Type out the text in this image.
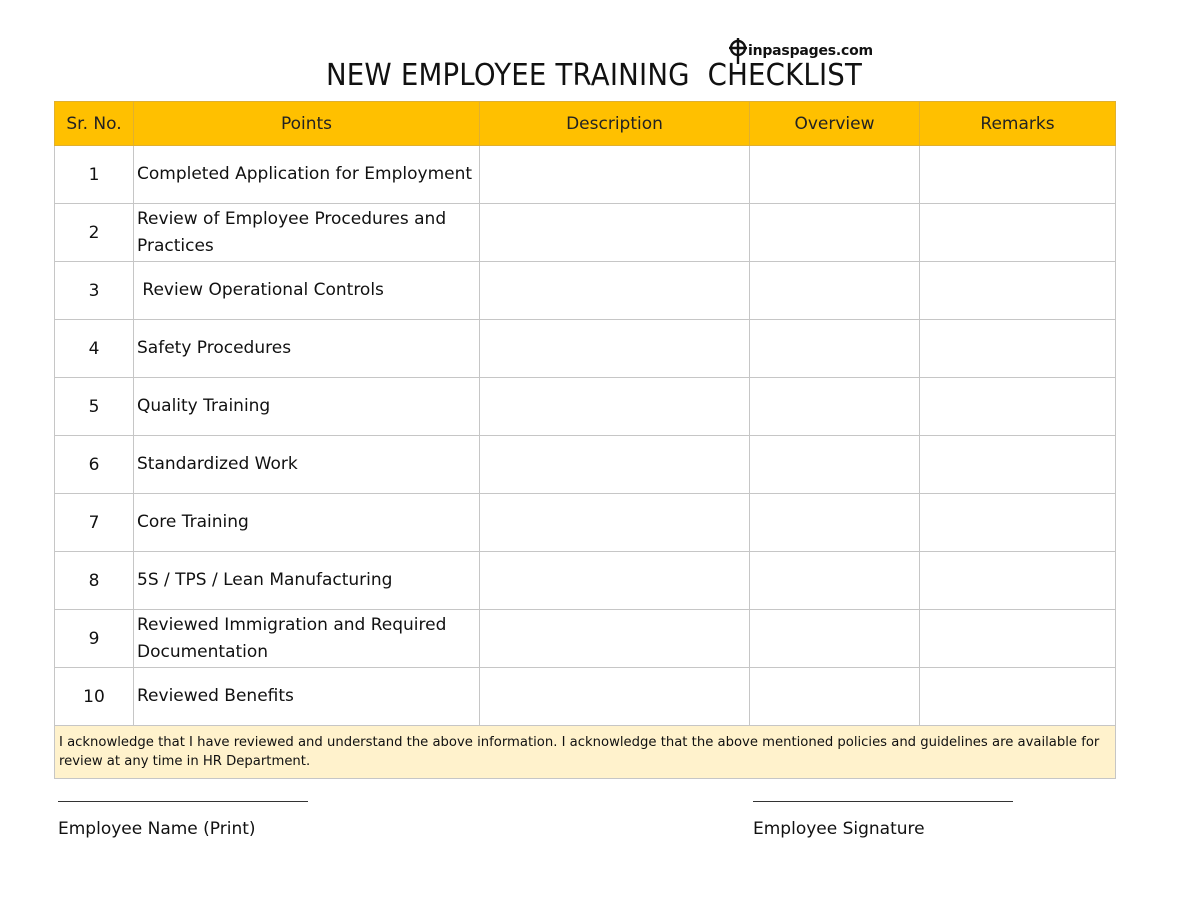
inpaspages.com
NEW EMPLOYEE TRAINING  CHECKLIST
Sr. No.	Points	Description	Overview	Remarks
1	Completed Application for Employment			
2	Review of Employee Procedures and Practices			
3	Review Operational Controls			
4	Safety Procedures			
5	Quality Training			
6	Standardized Work			
7	Core Training			
8	5S / TPS / Lean Manufacturing			
9	Reviewed Immigration and Required Documentation			
10	Reviewed Benefits			
I acknowledge that I have reviewed and understand the above information. I acknowledge that the above mentioned policies and guidelines are available for review at any time in HR Department.				
Employee Name (Print)	Employee Signature
